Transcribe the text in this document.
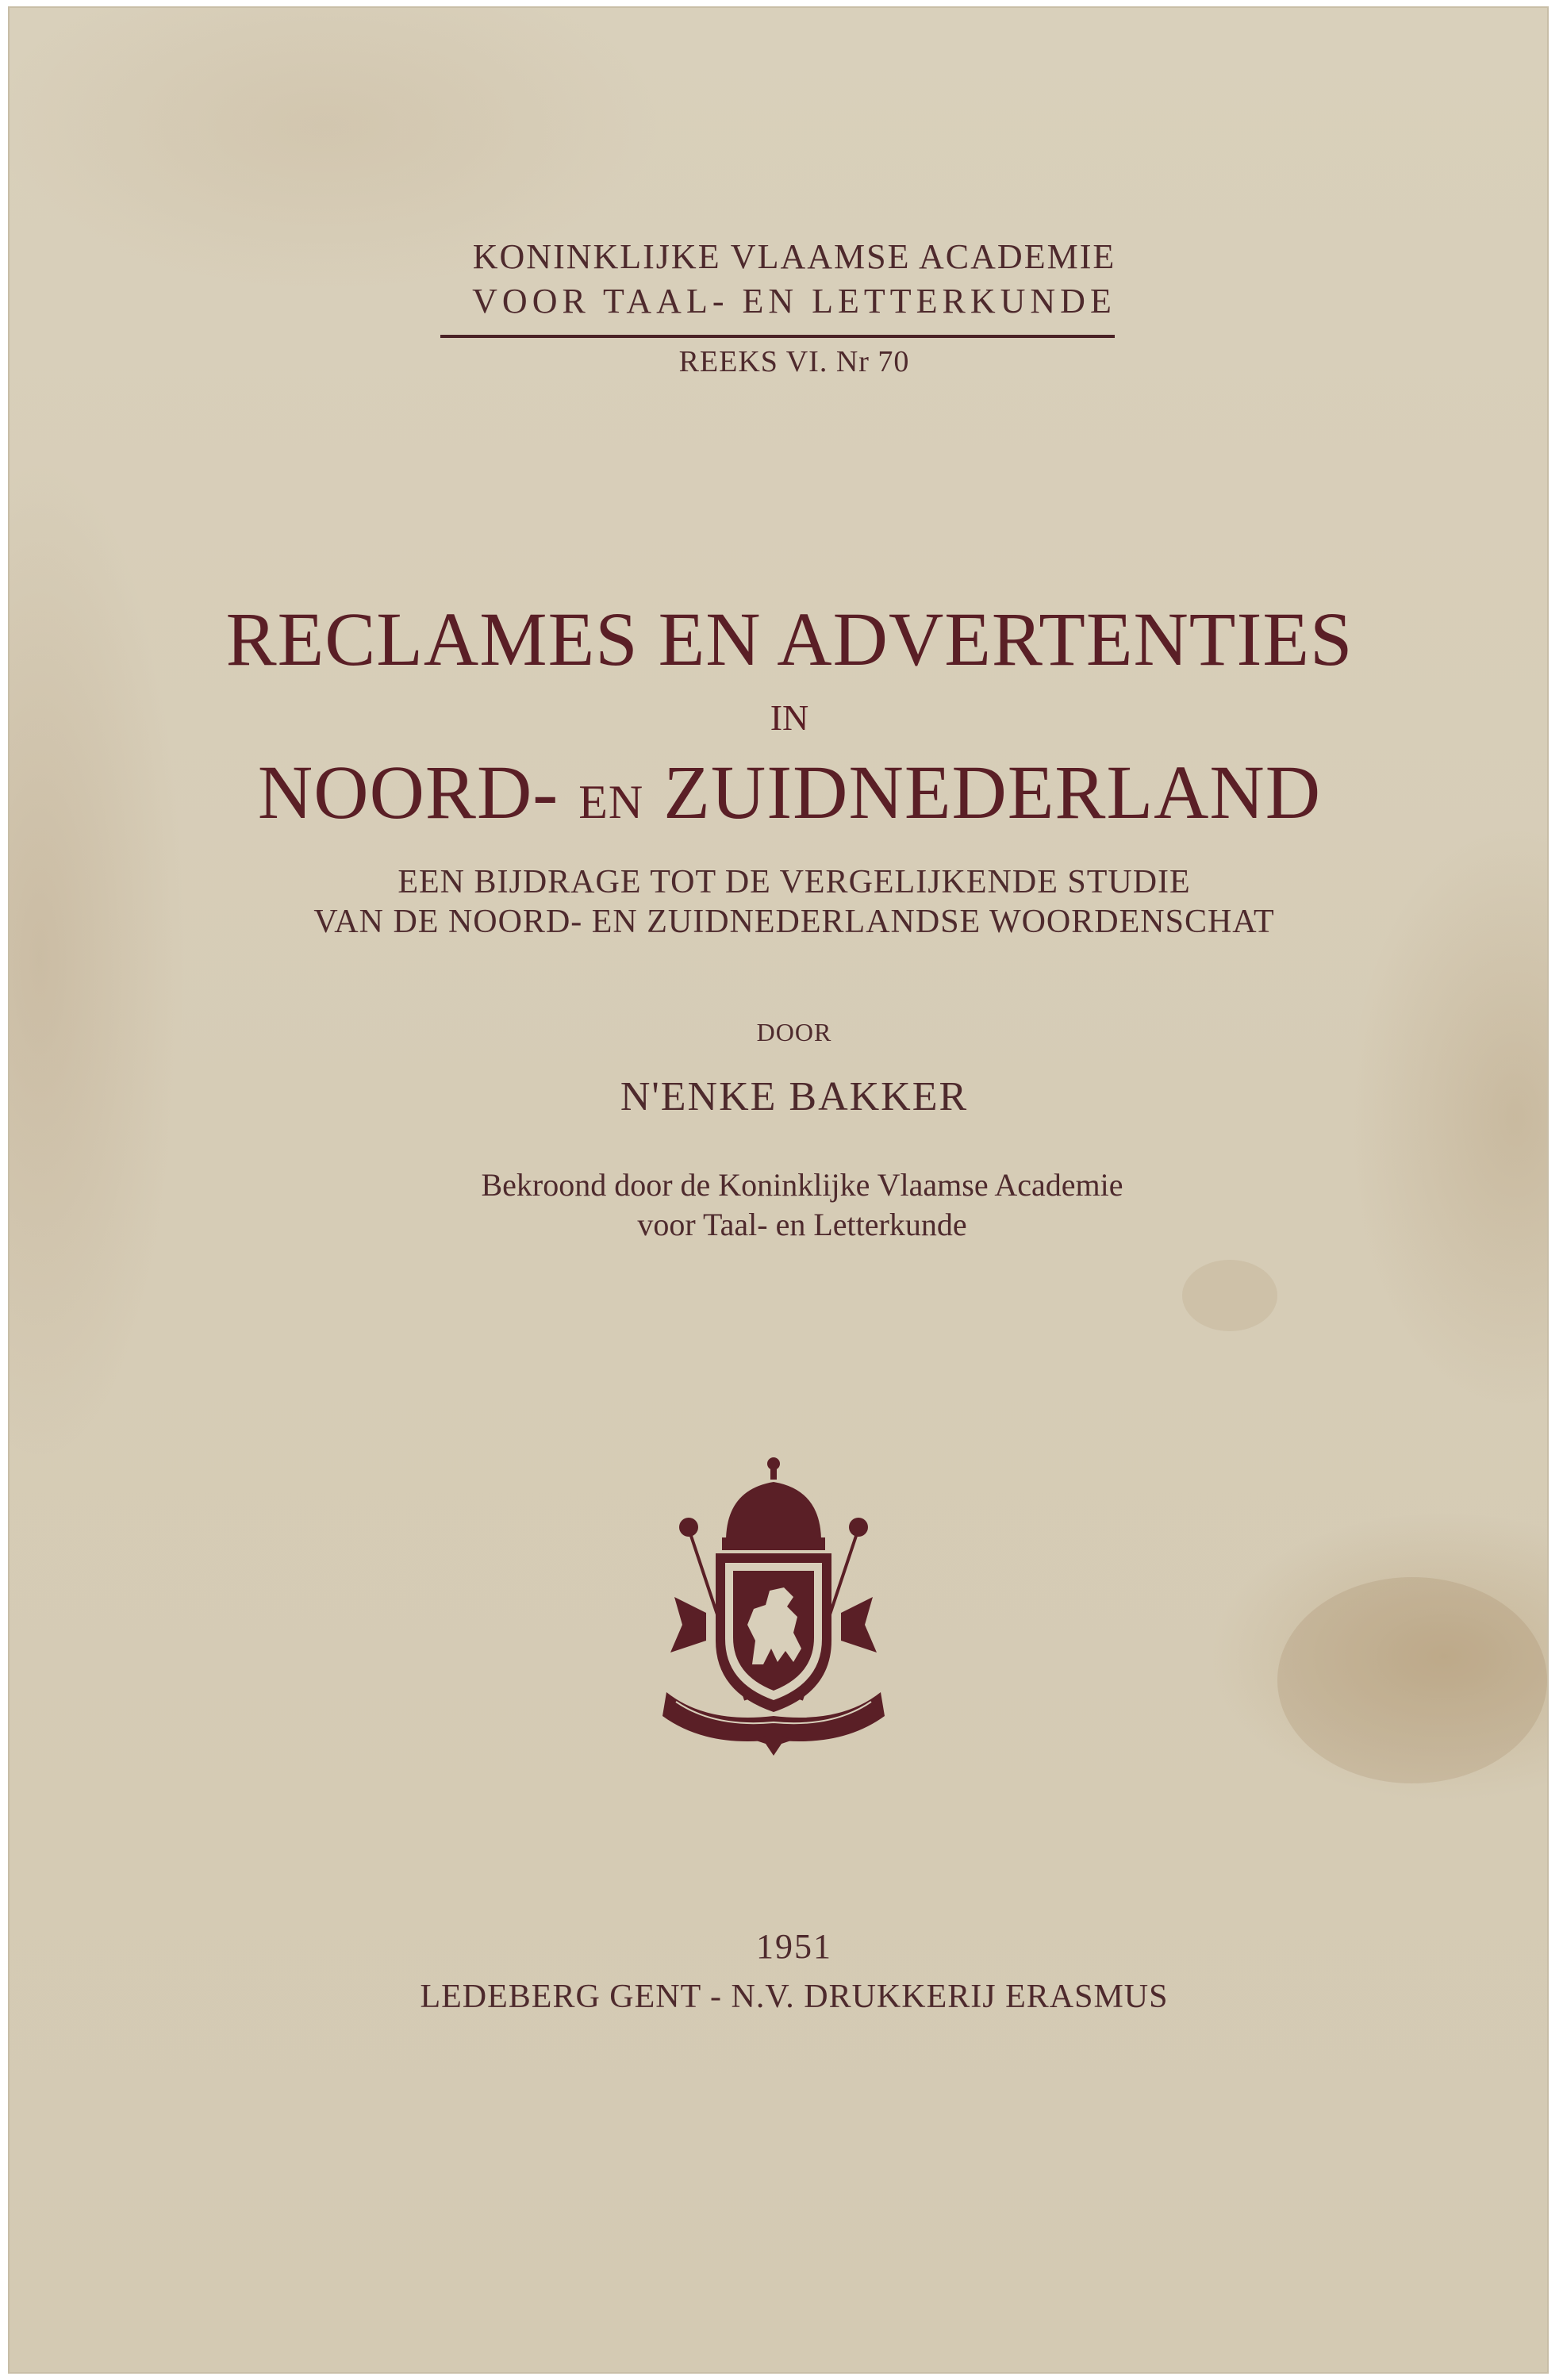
KONINKLIJKE VLAAMSE ACADEMIE

VOOR TAAL- EN LETTERKUNDE

REEKS VI. Nr 70

RECLAMES EN ADVERTENTIES

IN

NOORD- EN ZUIDNEDERLAND

EEN BIJDRAGE TOT DE VERGELIJKENDE STUDIE

VAN DE NOORD- EN ZUIDNEDERLANDSE WOORDENSCHAT

DOOR

N'ENKE BAKKER

Bekroond door de Koninklijke Vlaamse Academie

voor Taal- en Letterkunde

1951

LEDEBERG GENT - N.V. DRUKKERIJ ERASMUS
